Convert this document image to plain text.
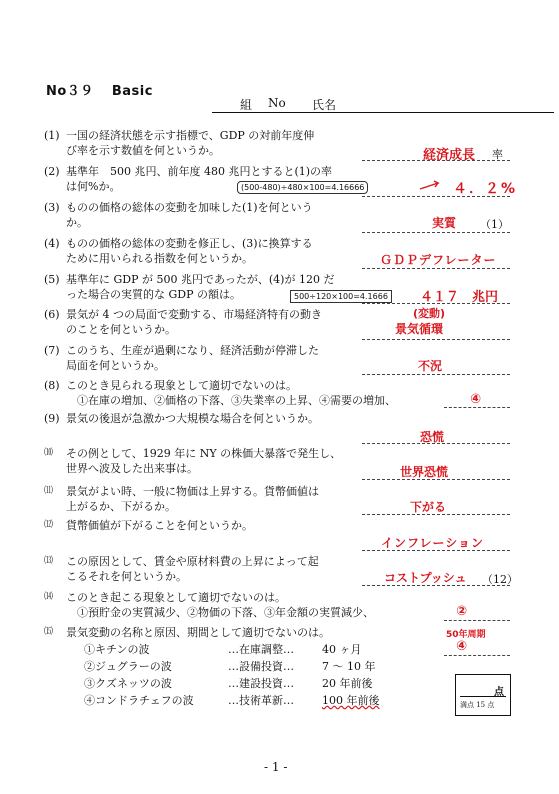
No３９ Basic
組 No 氏名
(1) 一国の経済状態を示す指標で、GDP の対前年度伸
び率を示す数値を何というか。
(2) 基準年　500 兆円、前年度 480 兆円とすると(1)の率
は何%か。
(3) ものの価格の総体の変動を加味した(1)を何という
か。
(4) ものの価格の総体の変動を修正し、(3)に換算する
ために用いられる指数を何というか。
(5) 基準年に GDP が 500 兆円であったが、(4)が 120 だ
った場合の実質的な GDP の額は。
(6) 景気が 4 つの局面で変動する、市場経済特有の動き
のことを何というか。
(7) このうち、生産が過剰になり、経済活動が停滞した
局面を何というか。
(8) このとき見られる現象として適切でないのは。
　①在庫の増加、②価格の下落、③失業率の上昇、④需要の増加、
(9) 景気の後退が急激かつ大規模な場合を何というか。
⑽	その例として、1929 年に NY の株価大暴落で発生し、
世界へ波及した出来事は。
⑾	景気がよい時、一般に物価は上昇する。貨幣価値は
上がるか、下がるか。
⑿	貨幣価値が下がることを何というか。
⒀	この原因として、賃金や原材料費の上昇によって起
こるそれを何というか。
⒁	このとき起こる現象として適切でないのは。
　①預貯金の実質減少、②物価の下落、③年金額の実質減少、
⒂	景気変動の名称と原因、期間として適切でないのは。
①キチンの波	…在庫調整…	40 ヶ月
②ジュグラーの波	…設備投資…	7 ～ 10 年
③クズネッツの波	…建設投資…	20 年前後
④コンドラチェフの波	…技術革新…	100 年前後
経済成長 率
(500-480)÷480×100=4.16666	４．２%
実質 （1）
ＧＤＰデフレーター
500÷120×100=4.1666	４１７　兆円
(変動)
景気循環
不況
④
恐慌
世界恐慌
下がる
インフレーション
コストプッシュ （12）
②
50年周期
④
点
満点 15 点
- 1 -
